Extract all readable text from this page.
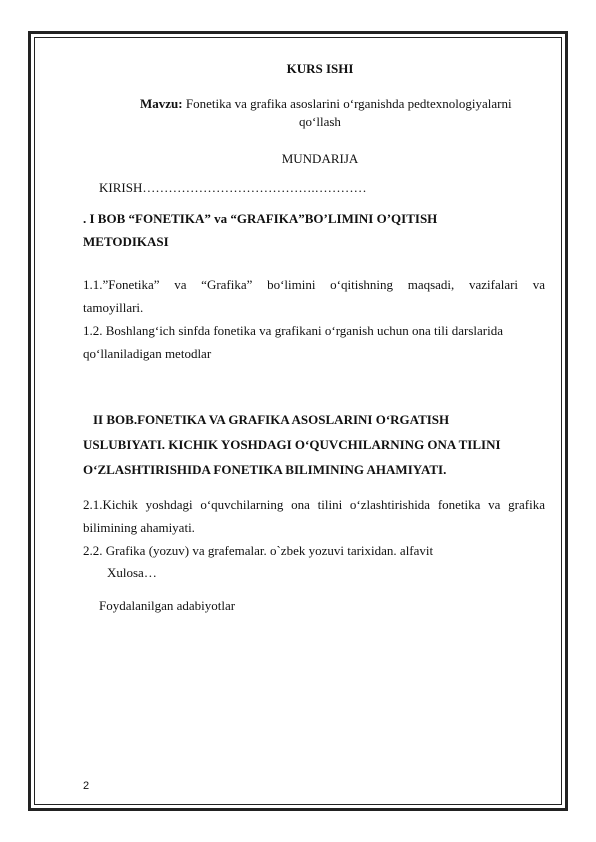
KURS ISHI
Mavzu: Fonetika va grafika asoslarini o‘rganishda pedtexnologiyalarni
qo‘llash
MUNDARIJA
KIRISH………………………………….…………
. I BOB “FONETIKA” va “GRAFIKA”BO’LIMINI O’QITISH
METODIKASI
1.1.”Fonetika” va “Grafika” bo‘limini o‘qitishning maqsadi, vazifalari va
tamoyillari.
1.2. Boshlang‘ich sinfda fonetika va grafikani o‘rganish uchun ona tili darslarida
qo‘llaniladigan metodlar
II BOB.FONETIKA VA GRAFIKA ASOSLARINI O‘RGATISH
USLUBIYATI. KICHIK YOSHDAGI O‘QUVCHILARNING ONA TILINI
O‘ZLASHTIRISHIDA FONETIKA BILIMINING AHAMIYATI.
2.1.Kichik yoshdagi o‘quvchilarning ona tilini o‘zlashtirishida fonetika va grafika
bilimining ahamiyati.
2.2. Grafika (yozuv) va grafemalar. o`zbek yozuvi tarixidan. alfavit
Xulosa…
Foydalanilgan adabiyotlar
2
